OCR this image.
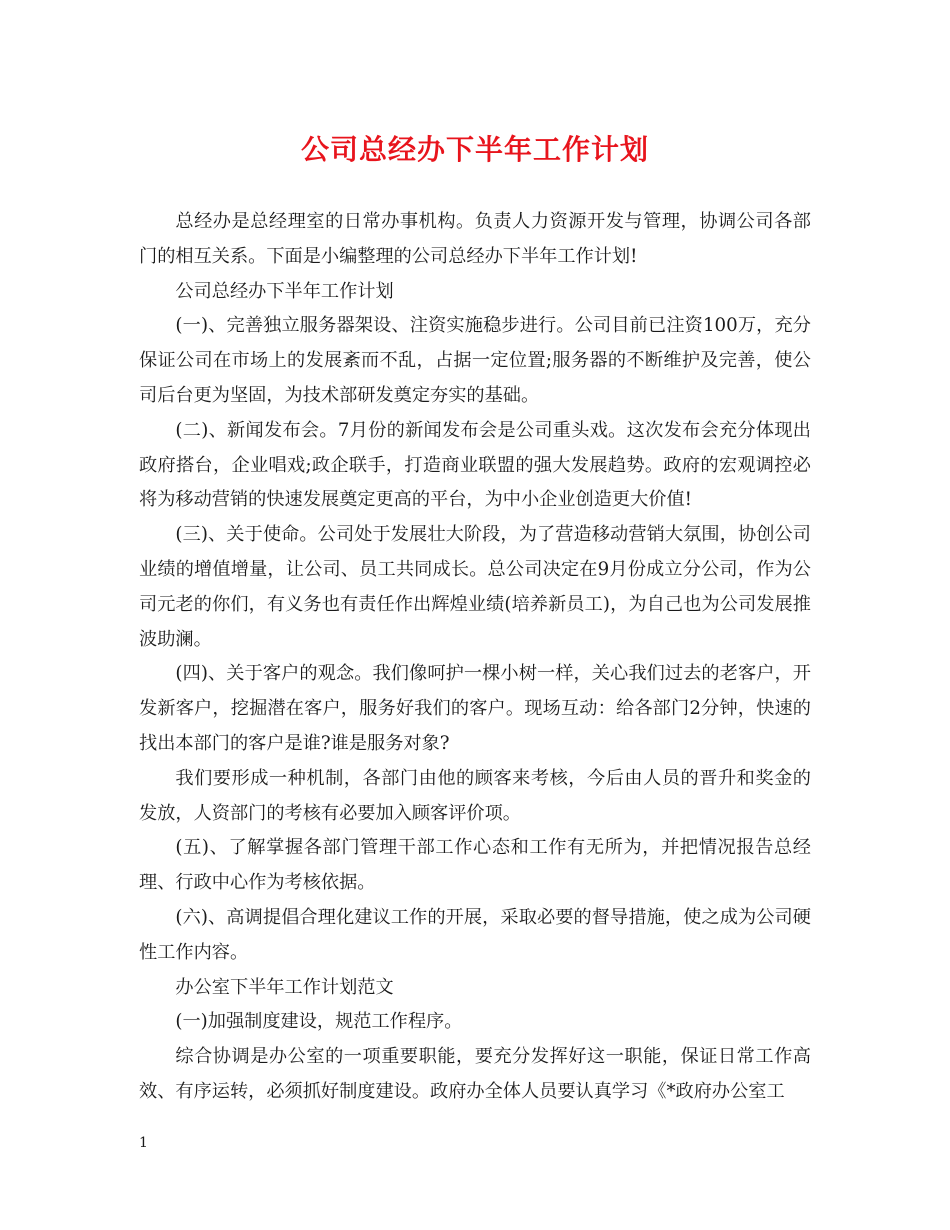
公司总经办下半年工作计划

总经办是总经理室的日常办事机构。负责人力资源开发与管理，协调公司各部门的相互关系。下面是小编整理的公司总经办下半年工作计划!

公司总经办下半年工作计划

(一)、完善独立服务器架设、注资实施稳步进行。公司目前已注资100万，充分保证公司在市场上的发展紊而不乱，占据一定位置;服务器的不断维护及完善，使公司后台更为坚固，为技术部研发奠定夯实的基础。

(二)、新闻发布会。7月份的新闻发布会是公司重头戏。这次发布会充分体现出政府搭台，企业唱戏;政企联手，打造商业联盟的强大发展趋势。政府的宏观调控必将为移动营销的快速发展奠定更高的平台，为中小企业创造更大价值!

(三)、关于使命。公司处于发展壮大阶段，为了营造移动营销大氛围，协创公司业绩的增值增量，让公司、员工共同成长。总公司决定在9月份成立分公司，作为公司元老的你们，有义务也有责任作出辉煌业绩(培养新员工)，为自己也为公司发展推波助澜。

(四)、关于客户的观念。我们像呵护一棵小树一样，关心我们过去的老客户，开发新客户，挖掘潜在客户，服务好我们的客户。现场互动：给各部门2分钟，快速的找出本部门的客户是谁?谁是服务对象?

我们要形成一种机制，各部门由他的顾客来考核，今后由人员的晋升和奖金的发放，人资部门的考核有必要加入顾客评价项。

(五)、了解掌握各部门管理干部工作心态和工作有无所为，并把情况报告总经理、行政中心作为考核依据。

(六)、高调提倡合理化建议工作的开展，采取必要的督导措施，使之成为公司硬性工作内容。

办公室下半年工作计划范文

(一)加强制度建设，规范工作程序。

综合协调是办公室的一项重要职能，要充分发挥好这一职能，保证日常工作高效、有序运转，必须抓好制度建设。政府办全体人员要认真学习《*政府办公室工

1
